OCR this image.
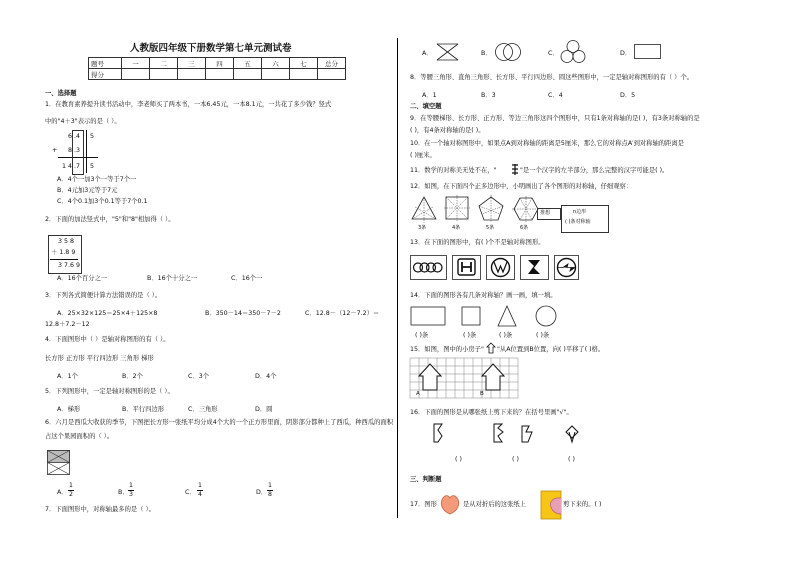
人教版四年级下册数学第七单元测试卷
题号	一	二	三	四	五	六	七	总分
得分								
一、选择题
1．在教育素养提升读书活动中，李老师买了两本书，一本6.45元，一本8.1元，一共花了多少钱？竖式
中的"4＋3"表示的是（ ）。
6 .4 5
+ 8 .3
1 4 .7 5
A．4个一加3个一等于7个一
B．4元加3元等于7元
C．4个0.1加3个0.1等于7个0.1
2．下面的加法竖式中，"5"和"8"相加得（ ）。
3 5 8
＋ 1.8 9
3 7.6 9
A．16个百分之一	B．16个十分之一	C．16个一
3．下列各式简便计算方法错误的是（ ）。
A．25×32×125＝25×4＋125×8	B．350－14＝350－7－2	C．12.8－（12－7.2）＝
12.8＋7.2－12
4．下面图形中（ ）是轴对称图形的有（ ）。
长方形 正方形 平行四边形 三角形 梯形
A．1个	B．2个	C．3个	D．4个
5．下列图形中，一定是轴对称图形的是（ ）。
A．梯形	B．平行四边形	C．三角形	D．圆
6．六月是西瓜大收获的季节，下图把长方形一张纸平均分成4个大的一个正方形里面，阴影部分都种上了西瓜，种西瓜的面积
占这个果园面积的（ ）。
A．
1
2	B．
1
3	C．
1
4	D．
1
8
7．下面图形中，对称轴最多的是（ ）。
A．	B．	C．	D．
8．等腰三角形、直角三角形、长方形、平行四边形、圆这些图形中，一定是轴对称图形的有（ ）个。
A．1	B．3	C．4	D．5
二、填空题
9．在等腰梯形、长方形、正方形、等边三角形这四个图形中，只有1条对称轴的是( )，有3条对称轴的是
( )，有4条对称轴的是( )。
10．在一个轴对称图形中，如果点A到对称轴的距离是5厘米，那么它的对称点A′到对称轴的距离是
( )厘米。
11．数学的对称美无处不在，"	"是一个汉字的左半部分，那么完整的汉字可能是( )。
12．如图，在下面四个正多边形中，小明画出了各个图形的对称轴，仔细观察：
3条	4条	5条	6条
推想	n边形
( )条对称轴
13．在下面的图形中，有( )个不是轴对称图形。
14．下面的图形各有几条对称轴？画一画，填一填。
( )条	( )条	( )条	( )条
15．如图，图中的小房子" "从A位置到B位置，向( )平移了( )格。
A	B
16．下面的图形是从哪张纸上剪下来的？在括号里画"√"。
( )	( )	( )
三、判断题
17．图形	是从对折后的这张纸上	剪下来的。( )
